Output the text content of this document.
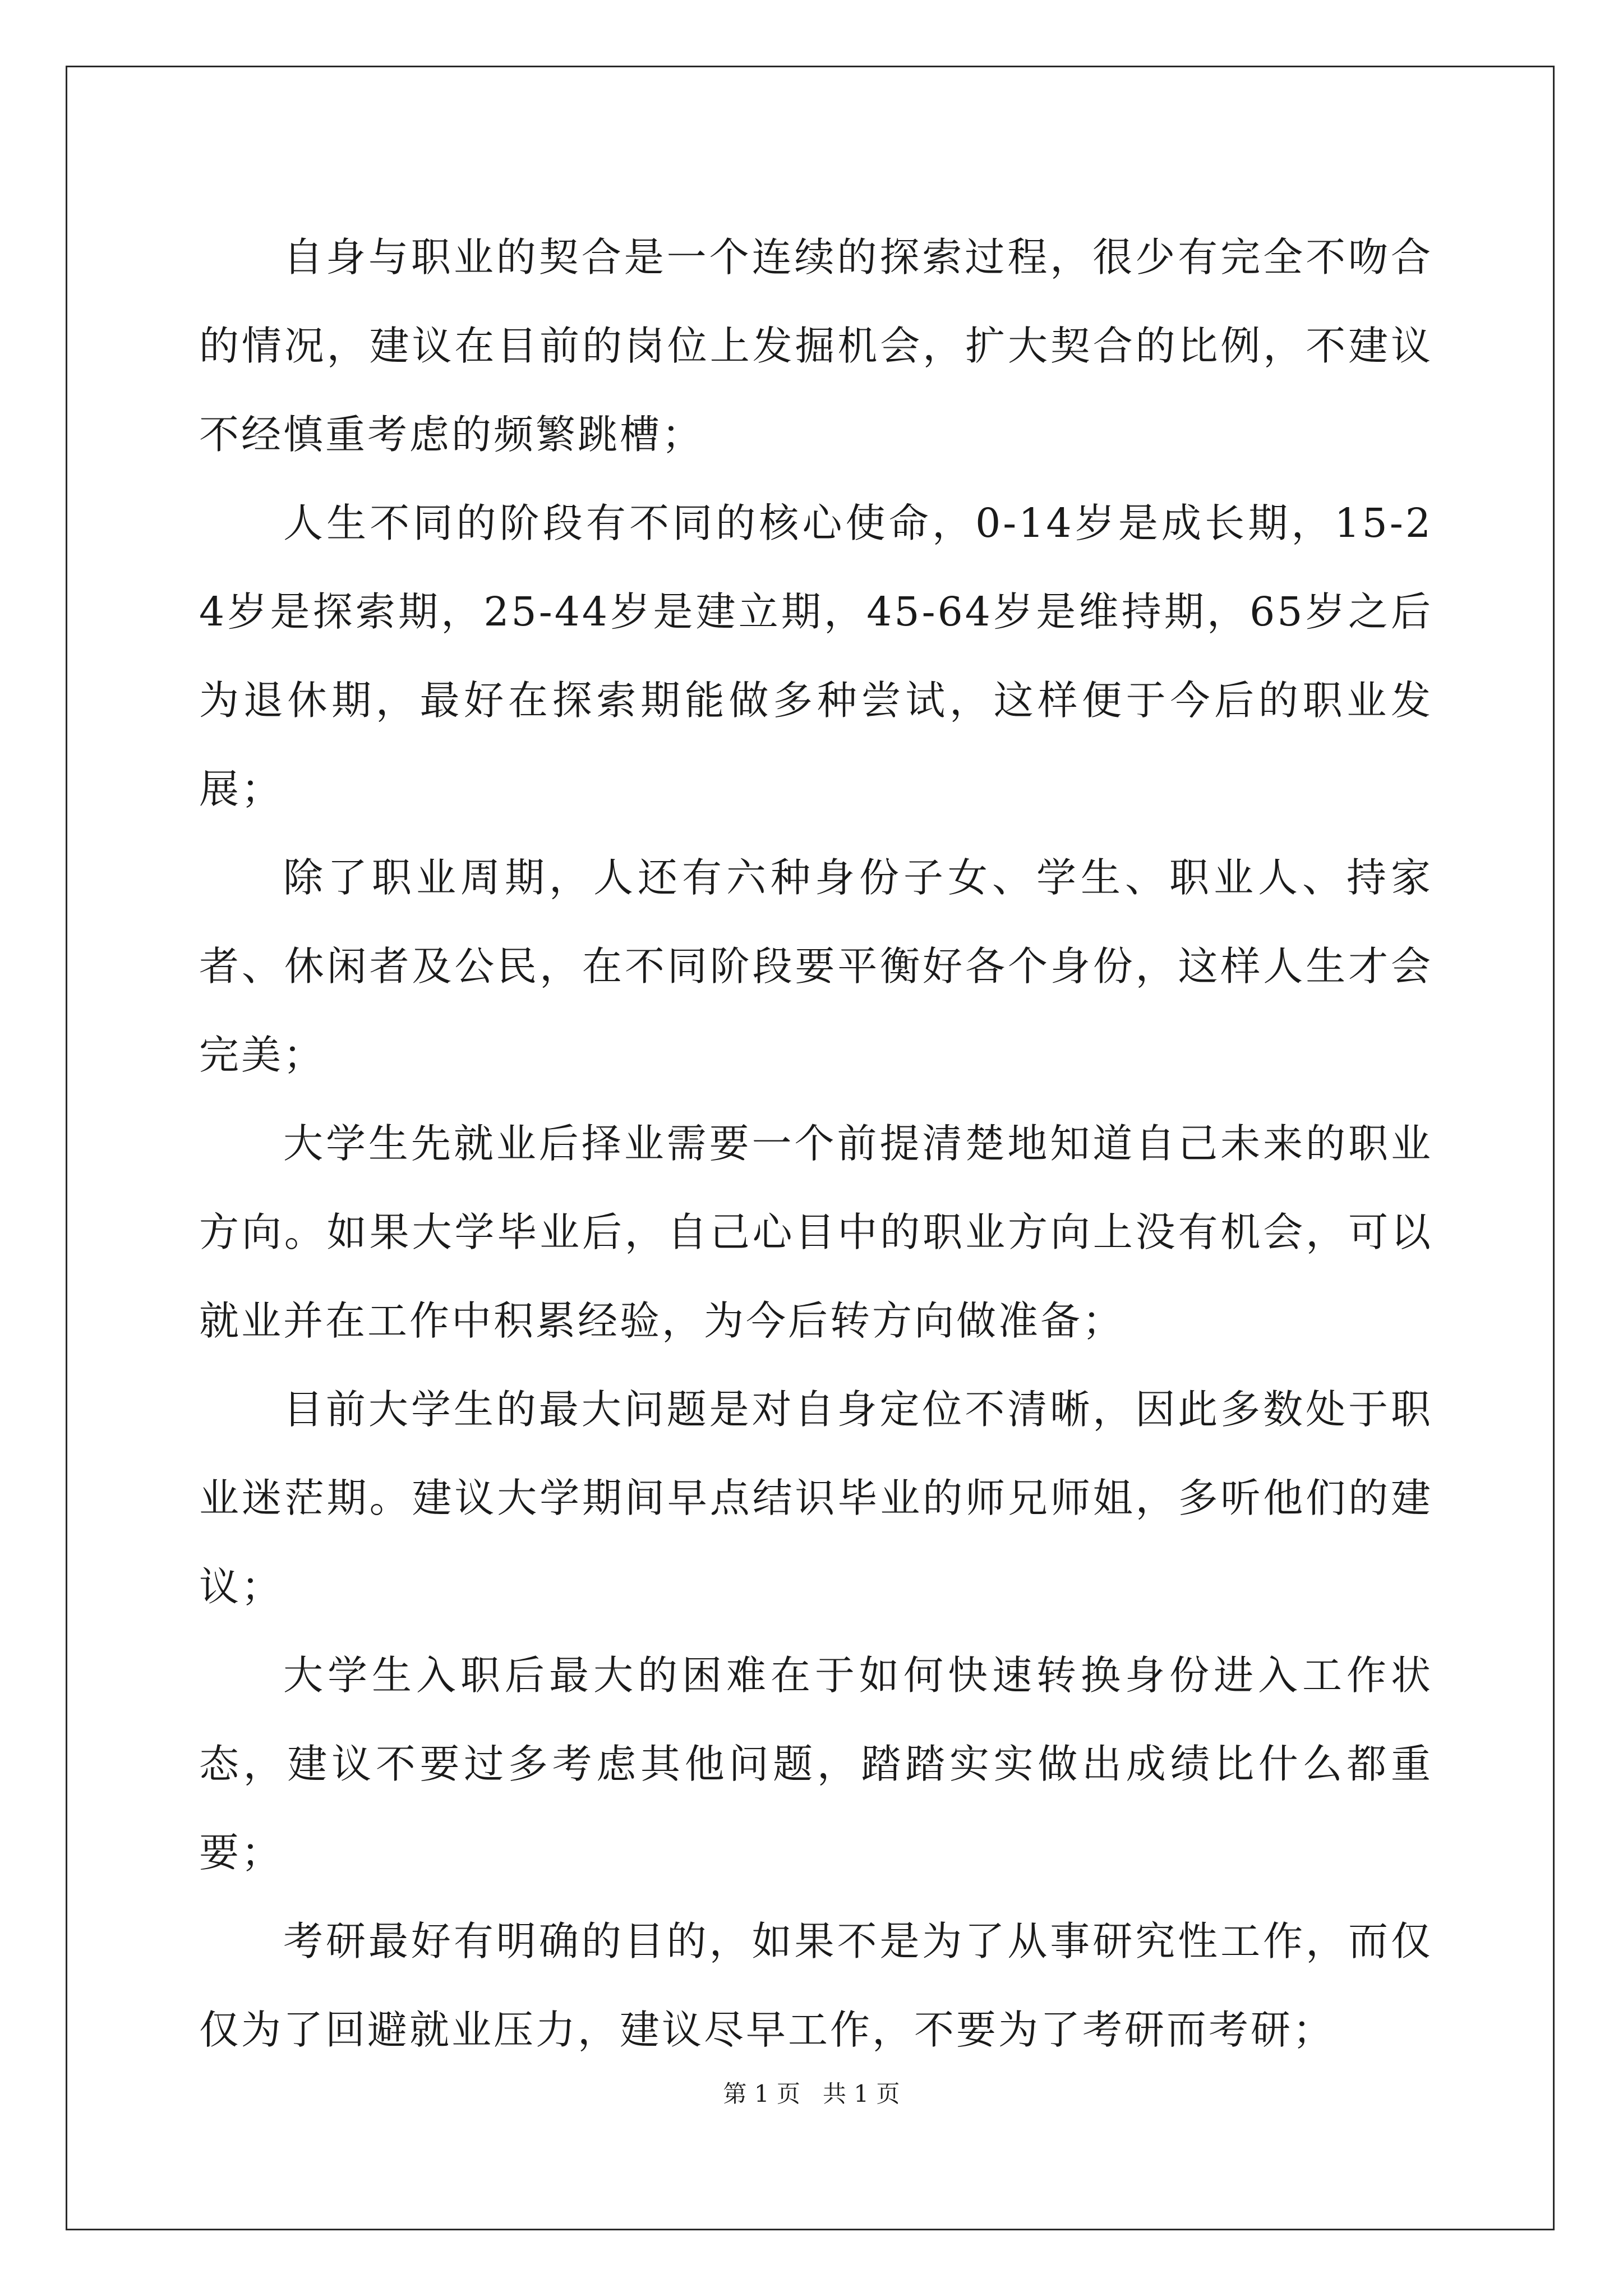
自身与职业的契合是一个连续的探索过程，很少有完全不吻合的情况，建议在目前的岗位上发掘机会，扩大契合的比例，不建议不经慎重考虑的频繁跳槽；

人生不同的阶段有不同的核心使命，0-14岁是成长期，15-24岁是探索期，25-44岁是建立期，45-64岁是维持期，65岁之后为退休期，最好在探索期能做多种尝试，这样便于今后的职业发展；

除了职业周期，人还有六种身份子女、学生、职业人、持家者、休闲者及公民，在不同阶段要平衡好各个身份，这样人生才会完美；

大学生先就业后择业需要一个前提清楚地知道自己未来的职业方向。如果大学毕业后，自己心目中的职业方向上没有机会，可以就业并在工作中积累经验，为今后转方向做准备；

目前大学生的最大问题是对自身定位不清晰，因此多数处于职业迷茫期。建议大学期间早点结识毕业的师兄师姐，多听他们的建议；

大学生入职后最大的困难在于如何快速转换身份进入工作状态，建议不要过多考虑其他问题，踏踏实实做出成绩比什么都重要；

考研最好有明确的目的，如果不是为了从事研究性工作，而仅仅为了回避就业压力，建议尽早工作，不要为了考研而考研；

第 1 页   共 1 页
